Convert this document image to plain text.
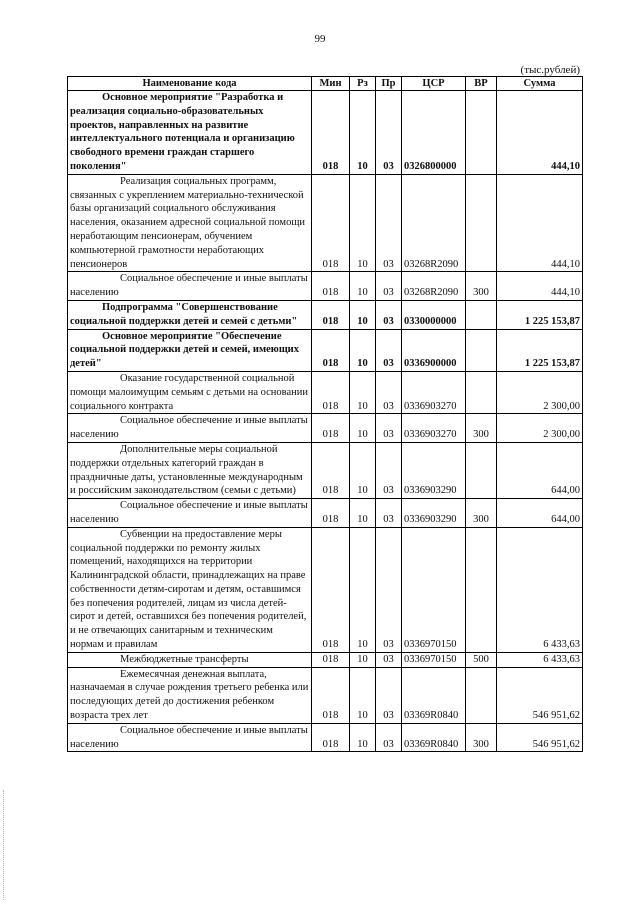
99
(тыс.рублей)
Наименование кода	Мин	Рз	Пр	ЦСР	ВР	Сумма

Основное мероприятие "Разработка и реализация социально-образовательных проектов, направленных на развитие интеллектуального потенциала и организацию свободного времени граждан старшего поколения"	018	10	03	0326800000		444,10

Реализация социальных программ, связанных с укреплением материально-технической базы организаций социального обслуживания населения, оказанием адресной социальной помощи неработающим пенсионерам, обучением компьютерной грамотности неработающих пенсионеров	018	10	03	03268R2090		444,10

Социальное обеспечение и иные выплаты населению	018	10	03	03268R2090	300	444,10

Подпрограмма "Совершенствование социальной поддержки детей и семей с детьми"	018	10	03	0330000000		1 225 153,87

Основное мероприятие "Обеспечение социальной поддержки детей и семей, имеющих детей"	018	10	03	0336900000		1 225 153,87

Оказание государственной социальной помощи малоимущим семьям с детьми на основании социального контракта	018	10	03	0336903270		2 300,00

Социальное обеспечение и иные выплаты населению	018	10	03	0336903270	300	2 300,00

Дополнительные меры социальной поддержки отдельных категорий граждан в праздничные даты, установленные международным и российским законодательством (семьи с детьми)	018	10	03	0336903290		644,00

Социальное обеспечение и иные выплаты населению	018	10	03	0336903290	300	644,00

Субвенции на предоставление меры социальной поддержки по ремонту жилых помещений, находящихся на территории Калининградской области, принадлежащих на праве собственности детям-сиротам и детям, оставшимся без попечения родителей, лицам из числа детей-сирот и детей, оставшихся без попечения родителей, и не отвечающих санитарным и техническим нормам и правилам	018	10	03	0336970150		6 433,63

Межбюджетные трансферты	018	10	03	0336970150	500	6 433,63

Ежемесячная денежная выплата, назначаемая в случае рождения третьего ребенка или последующих детей до достижения ребенком возраста трех лет	018	10	03	03369R0840		546 951,62

Социальное обеспечение и иные выплаты населению	018	10	03	03369R0840	300	546 951,62
